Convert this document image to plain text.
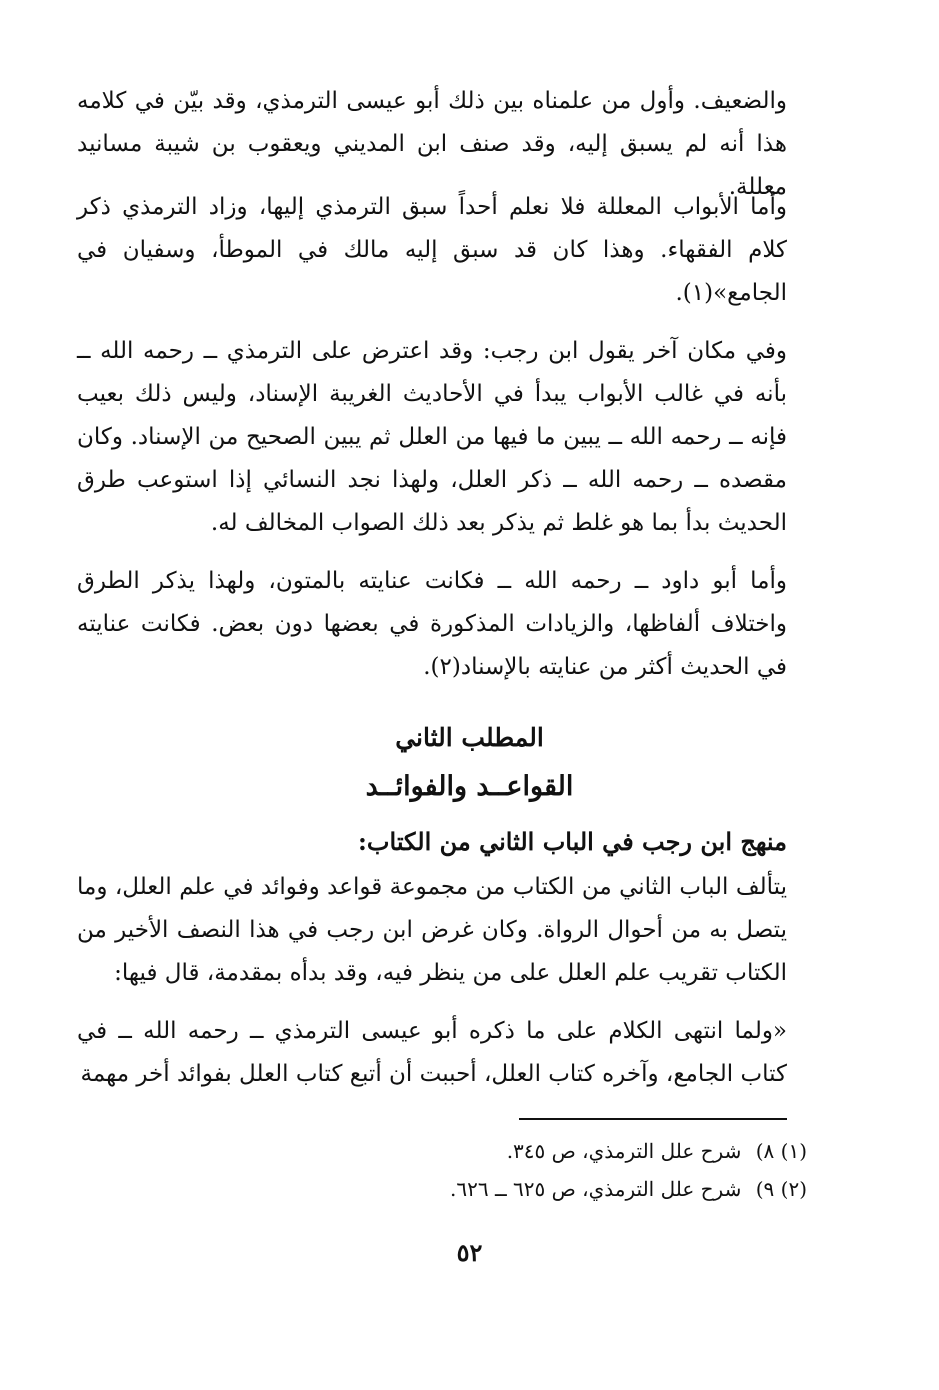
والضعيف. وأول من علمناه بين ذلك أبو عيسى الترمذي، وقد بيّن في كلامه هذا أنه لم يسبق إليه، وقد صنف ابن المديني ويعقوب بن شيبة مسانيد معللة.

وأما الأبواب المعللة فلا نعلم أحداً سبق الترمذي إليها، وزاد الترمذي ذكر كلام الفقهاء. وهذا كان قد سبق إليه مالك في الموطأ، وسفيان في الجامع»(١).

وفي مكان آخر يقول ابن رجب: وقد اعترض على الترمذي ــ رحمه الله ــ بأنه في غالب الأبواب يبدأ في الأحاديث الغريبة الإسناد، وليس ذلك بعيب فإنه ــ رحمه الله ــ يبين ما فيها من العلل ثم يبين الصحيح من الإسناد. وكان مقصده ــ رحمه الله ــ ذكر العلل، ولهذا نجد النسائي إذا استوعب طرق الحديث بدأ بما هو غلط ثم يذكر بعد ذلك الصواب المخالف له.

وأما أبو داود ــ رحمه الله ــ فكانت عنايته بالمتون، ولهذا يذكر الطرق واختلاف ألفاظها، والزيادات المذكورة في بعضها دون بعض. فكانت عنايته في الحديث أكثر من عنايته بالإسناد(٢).

المطلب الثاني
القواعــد والفوائــد
منهج ابن رجب في الباب الثاني من الكتاب:

يتألف الباب الثاني من الكتاب من مجموعة قواعد وفوائد في علم العلل، وما يتصل به من أحوال الرواة. وكان غرض ابن رجب في هذا النصف الأخير من الكتاب تقريب علم العلل على من ينظر فيه، وقد بدأه بمقدمة، قال فيها:

«ولما انتهى الكلام على ما ذكره أبو عيسى الترمذي ــ رحمه الله ــ في كتاب الجامع، وآخره كتاب العلل، أحببت أن أتبع كتاب العلل بفوائد أخر مهمة

(١) ٨) شرح علل الترمذي، ص ٣٤٥.
(٢) ٩) شرح علل الترمذي، ص ٦٢٥ ــ ٦٢٦.
٥٢
